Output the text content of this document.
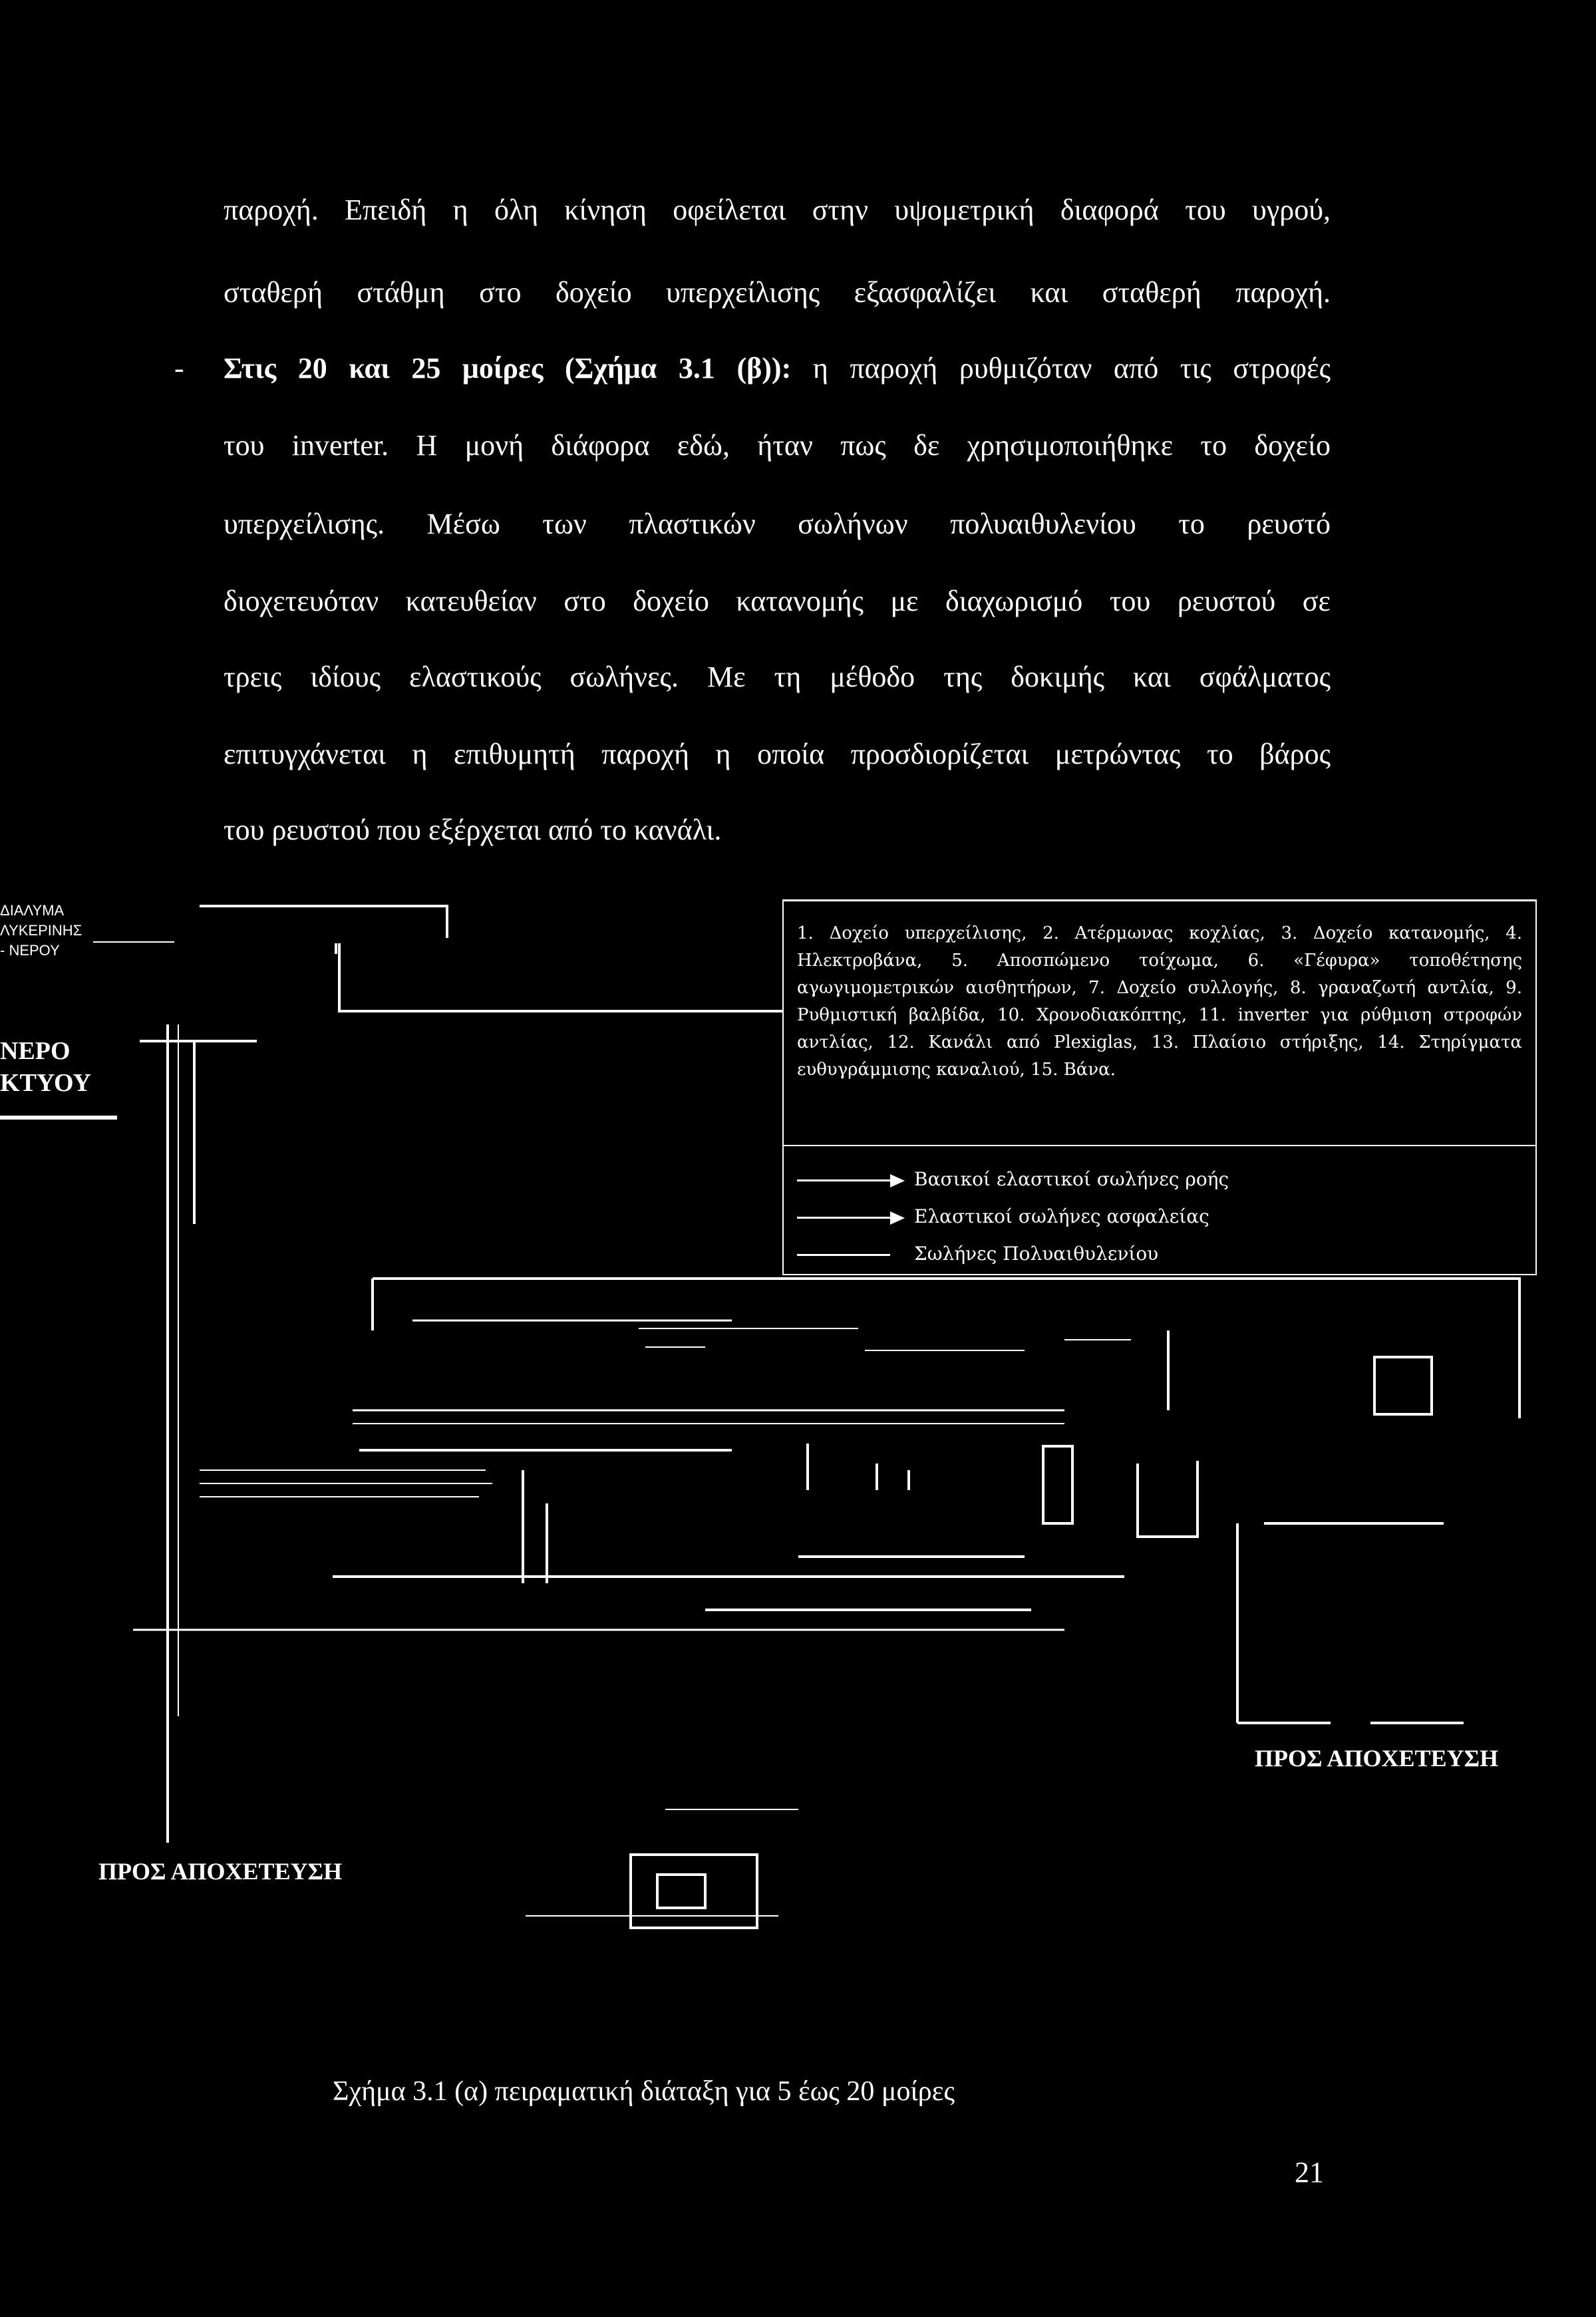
παροχή. Επειδή η όλη κίνηση οφείλεται στην υψομετρική διαφορά του υγρού,
σταθερή στάθμη στο δοχείο υπερχείλισης εξασφαλίζει και σταθερή παροχή.
- Στις 20 και 25 μοίρες (Σχήμα 3.1 (β)): η παροχή ρυθμιζόταν από τις στροφές
του inverter. Η μονή διάφορα εδώ, ήταν πως δε χρησιμοποιήθηκε το δοχείο
υπερχείλισης. Μέσω των πλαστικών σωλήνων πολυαιθυλενίου το ρευστό
διοχετευόταν κατευθείαν στο δοχείο κατανομής με διαχωρισμό του ρευστού σε
τρεις ιδίους ελαστικούς σωλήνες. Με τη μέθοδο της δοκιμής και σφάλματος
επιτυγχάνεται η επιθυμητή παροχή η οποία προσδιορίζεται μετρώντας το βάρος
του ρευστού που εξέρχεται από το κανάλι.
ΔΙΑΛΥΜΑ
ΛΥΚΕΡΙΝΗΣ
- ΝΕΡΟΥ
ΝΕΡΟ
ΚΤΥΟΥ
ΠΡΟΣ ΑΠΟΧΕΤΕΥΣΗ
ΠΡΟΣ ΑΠΟΧΕΤΕΥΣΗ
1. Δοχείο υπερχείλισης, 2. Ατέρμωνας κοχλίας, 3. Δοχείο κατανομής, 4. Ηλεκτροβάνα, 5. Αποσπώμενο τοίχωμα, 6. «Γέφυρα» τοποθέτησης αγωγιμομετρικών αισθητήρων, 7. Δοχείο συλλογής, 8. γραναζωτή αντλία, 9. Ρυθμιστική βαλβίδα, 10. Χρονοδιακόπτης, 11. inverter για ρύθμιση στροφών αντλίας, 12. Κανάλι από Plexiglas, 13. Πλαίσιο στήριξης, 14. Στηρίγματα ευθυγράμμισης καναλιού, 15. Βάνα.
Βασικοί ελαστικοί σωλήνες ροής
Ελαστικοί σωλήνες ασφαλείας
Σωλήνες Πολυαιθυλενίου
Σχήμα 3.1 (α) πειραματική διάταξη για 5 έως 20 μοίρες
21
